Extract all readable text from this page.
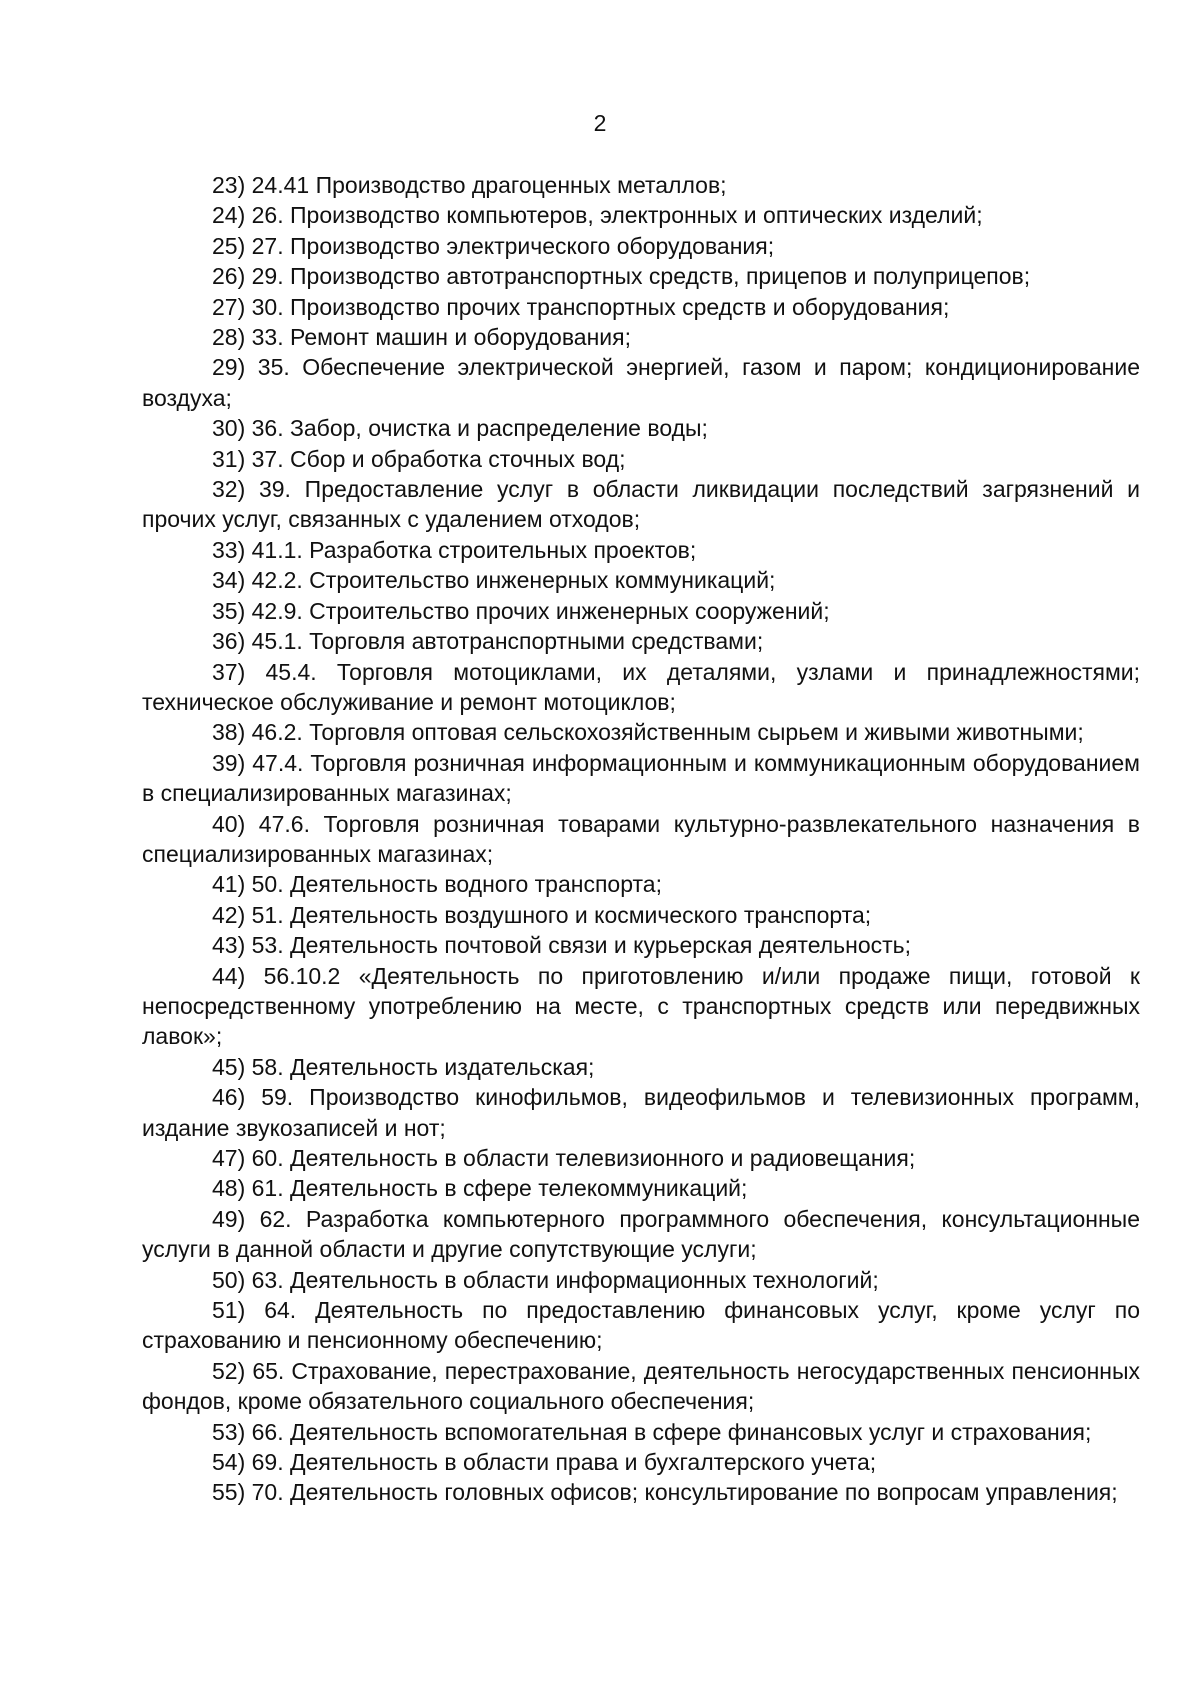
2

23) 24.41 Производство драгоценных металлов;

24) 26. Производство компьютеров, электронных и оптических изделий;

25) 27. Производство электрического оборудования;

26) 29. Производство автотранспортных средств, прицепов и полуприцепов;

27) 30. Производство прочих транспортных средств и оборудования;

28) 33. Ремонт машин и оборудования;

29) 35. Обеспечение электрической энергией, газом и паром; кондиционирование воздуха;

30) 36. Забор, очистка и распределение воды;

31) 37. Сбор и обработка сточных вод;

32) 39. Предоставление услуг в области ликвидации последствий загрязнений и прочих услуг, связанных с удалением отходов;

33) 41.1. Разработка строительных проектов;

34) 42.2. Строительство инженерных коммуникаций;

35) 42.9. Строительство прочих инженерных сооружений;

36) 45.1. Торговля автотранспортными средствами;

37) 45.4. Торговля мотоциклами, их деталями, узлами и принадлежностями; техническое обслуживание и ремонт мотоциклов;

38) 46.2. Торговля оптовая сельскохозяйственным сырьем и живыми животными;

39) 47.4. Торговля розничная информационным и коммуникационным оборудованием в специализированных магазинах;

40) 47.6. Торговля розничная товарами культурно-развлекательного назначения в специализированных магазинах;

41) 50. Деятельность водного транспорта;

42) 51. Деятельность воздушного и космического транспорта;

43) 53. Деятельность почтовой связи и курьерская деятельность;

44) 56.10.2 «Деятельность по приготовлению и/или продаже пищи, готовой к непосредственному употреблению на месте, с транспортных средств или передвижных лавок»;

45) 58. Деятельность издательская;

46) 59. Производство кинофильмов, видеофильмов и телевизионных программ, издание звукозаписей и нот;

47) 60. Деятельность в области телевизионного и радиовещания;

48) 61. Деятельность в сфере телекоммуникаций;

49) 62. Разработка компьютерного программного обеспечения, консультационные услуги в данной области и другие сопутствующие услуги;

50) 63. Деятельность в области информационных технологий;

51) 64. Деятельность по предоставлению финансовых услуг, кроме услуг по страхованию и пенсионному обеспечению;

52) 65. Страхование, перестрахование, деятельность негосударственных пенсионных фондов, кроме обязательного социального обеспечения;

53) 66. Деятельность вспомогательная в сфере финансовых услуг и страхования;

54) 69. Деятельность в области права и бухгалтерского учета;

55) 70. Деятельность головных офисов; консультирование по вопросам управления;
